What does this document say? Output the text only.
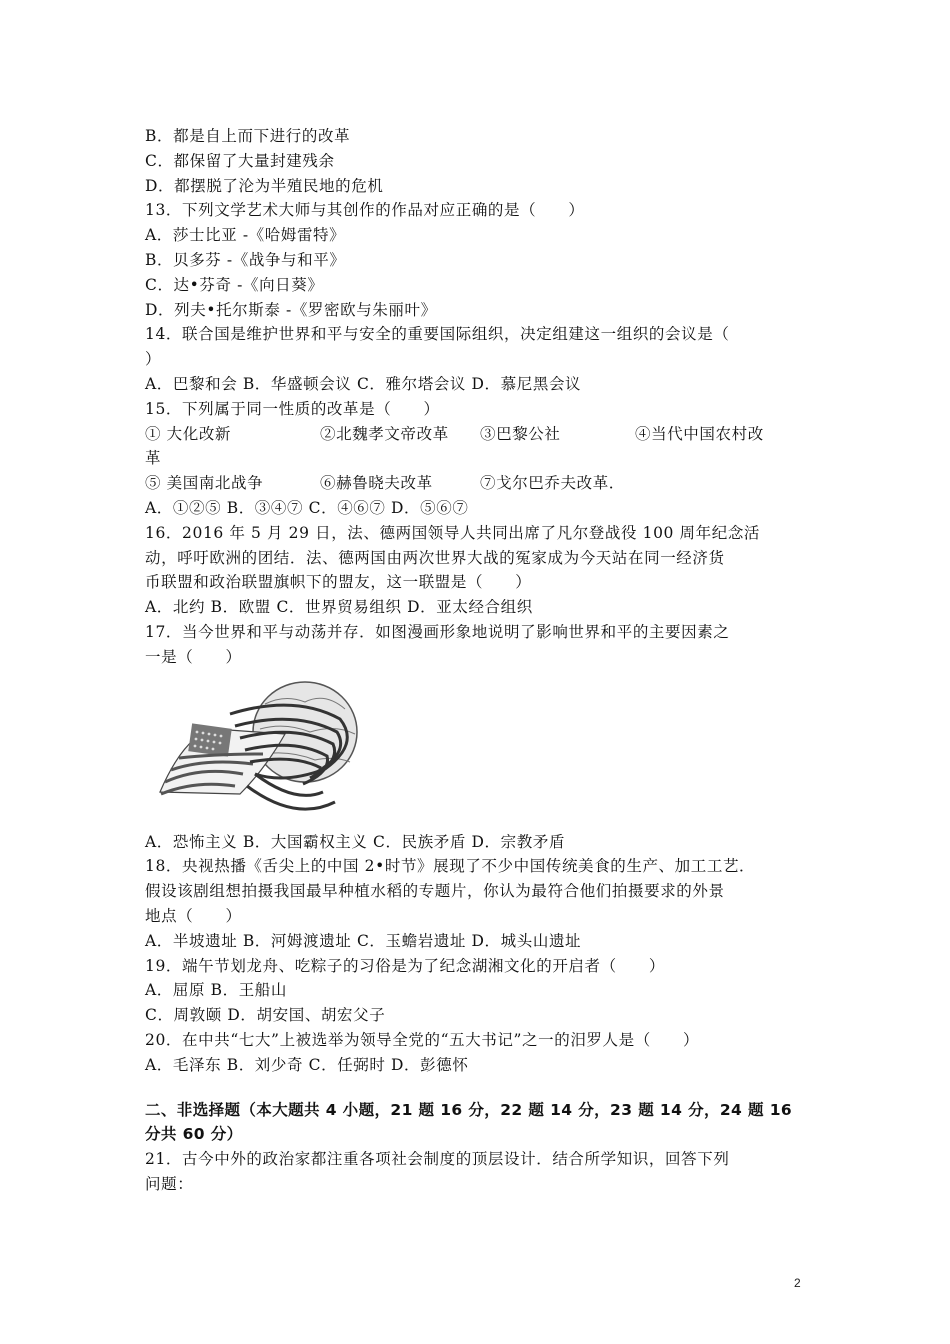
B．都是自上而下进行的改革
C．都保留了大量封建残余
D．都摆脱了沦为半殖民地的危机
13．下列文学艺术大师与其创作的作品对应正确的是（　　）
A．莎士比亚 -《哈姆雷特》
B．贝多芬 -《战争与和平》
C．达•芬奇 -《向日葵》
D．列夫•托尔斯泰 -《罗密欧与朱丽叶》
14．联合国是维护世界和平与安全的重要国际组织，决定组建这一组织的会议是（
）
A．巴黎和会 B．华盛顿会议 C．雅尔塔会议 D．慕尼黑会议
15．下列属于同一性质的改革是（　　）
① 大化改新	②北魏孝文帝改革	③巴黎公社	④当代中国农村改
革
⑤ 美国南北战争	⑥赫鲁晓夫改革	⑦戈尔巴乔夫改革．
A．①②⑤ B．③④⑦ C．④⑥⑦ D．⑤⑥⑦
16．2016 年 5 月 29 日，法、德两国领导人共同出席了凡尔登战役 100 周年纪念活
动，呼吁欧洲的团结．法、德两国由两次世界大战的冤家成为今天站在同一经济货
币联盟和政治联盟旗帜下的盟友，这一联盟是（　　）
A．北约 B．欧盟 C．世界贸易组织 D．亚太经合组织
17．当今世界和平与动荡并存．如图漫画形象地说明了影响世界和平的主要因素之
一是（　　）
A．恐怖主义 B．大国霸权主义 C．民族矛盾 D．宗教矛盾
18．央视热播《舌尖上的中国 2•时节》展现了不少中国传统美食的生产、加工工艺．
假设该剧组想拍摄我国最早种植水稻的专题片，你认为最符合他们拍摄要求的外景
地点（　　）
A．半坡遗址 B．河姆渡遗址 C．玉蟾岩遗址 D．城头山遗址
19．端午节划龙舟、吃粽子的习俗是为了纪念湖湘文化的开启者（　　）
A．屈原 B．王船山
C．周敦颐 D．胡安国、胡宏父子
20．在中共“七大”上被选举为领导全党的“五大书记”之一的汨罗人是（　　）
A．毛泽东 B．刘少奇 C．任弼时 D．彭德怀
二、非选择题（本大题共 4 小题，21 题 16 分，22 题 14 分，23 题 14 分，24 题 16
分共 60 分）
21．古今中外的政治家都注重各项社会制度的顶层设计．结合所学知识，回答下列
问题：
2
